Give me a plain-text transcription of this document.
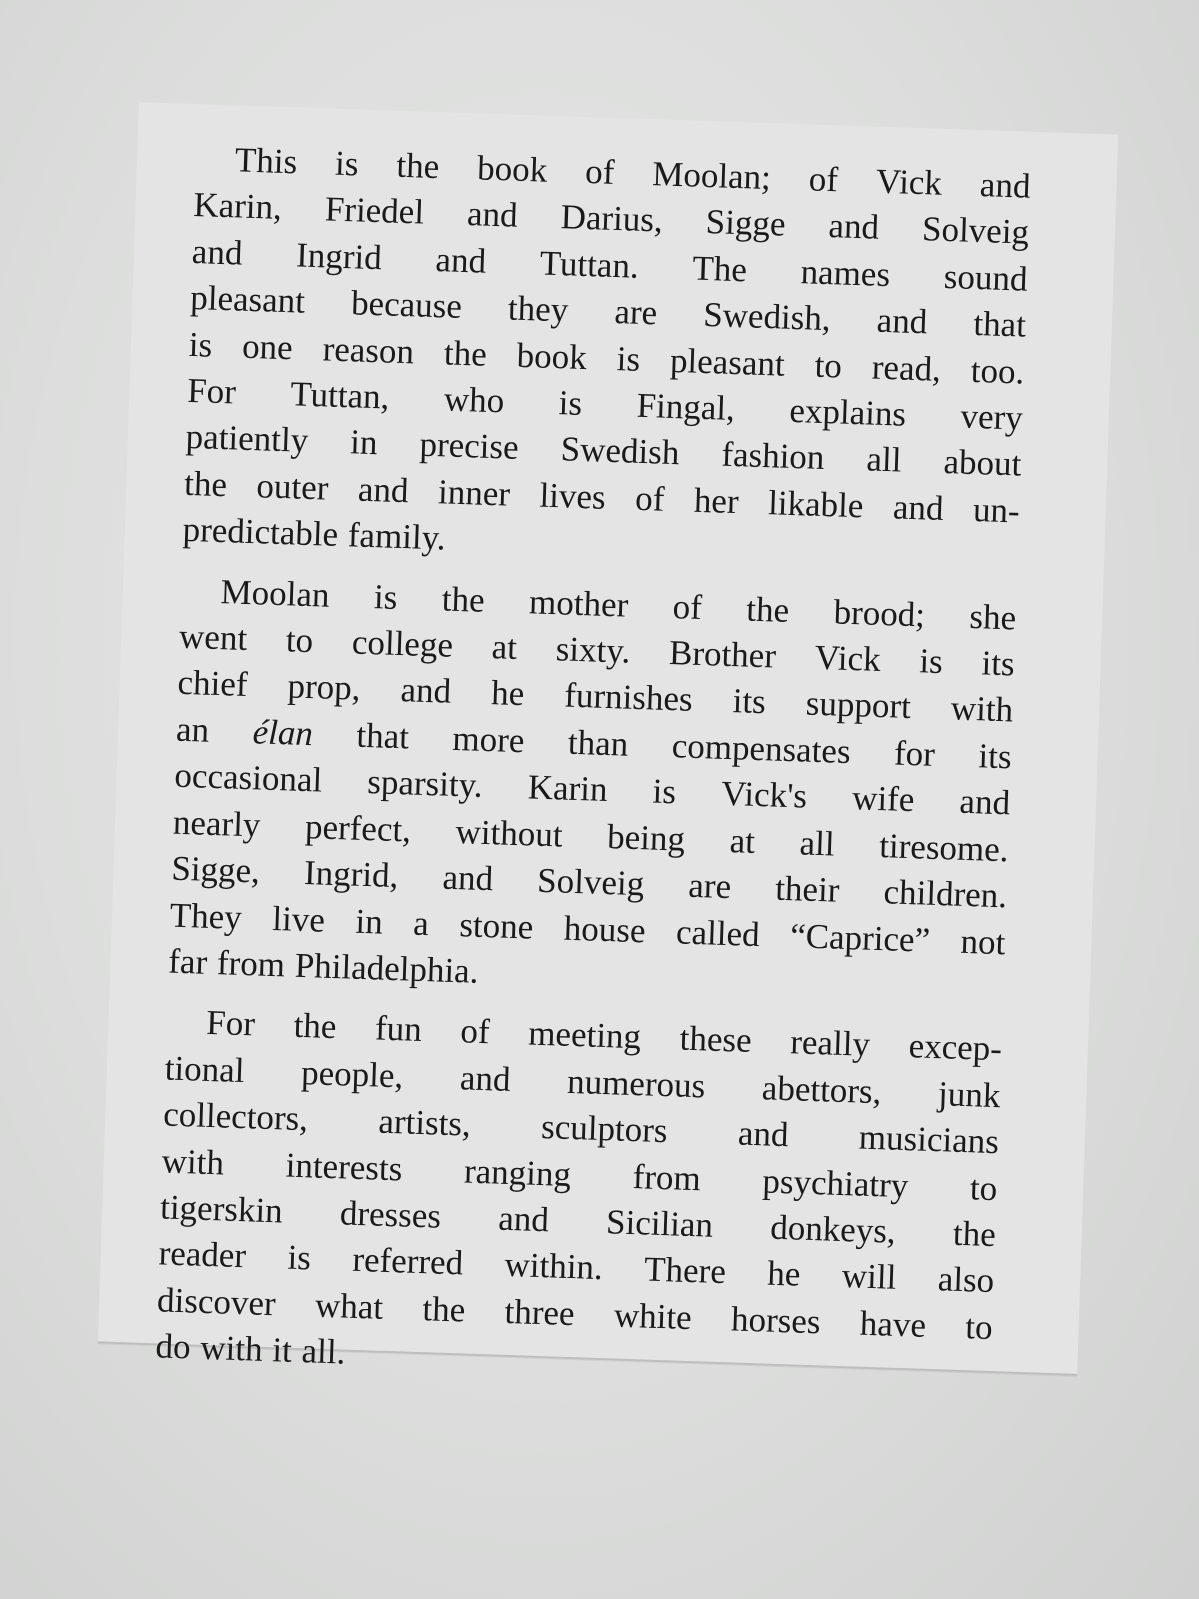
This is the book of Moolan; of Vick and
Karin, Friedel and Darius, Sigge and Solveig
and Ingrid and Tuttan. The names sound
pleasant because they are Swedish, and that
is one reason the book is pleasant to read, too.
For Tuttan, who is Fingal, explains very
patiently in precise Swedish fashion all about
the outer and inner lives of her likable and un-
predictable family.
Moolan is the mother of the brood; she
went to college at sixty. Brother Vick is its
chief prop, and he furnishes its support with
an élan that more than compensates for its
occasional sparsity. Karin is Vick's wife and
nearly perfect, without being at all tiresome.
Sigge, Ingrid, and Solveig are their children.
They live in a stone house called “Caprice” not
far from Philadelphia.
For the fun of meeting these really excep-
tional people, and numerous abettors, junk
collectors, artists, sculptors and musicians
with interests ranging from psychiatry to
tigerskin dresses and Sicilian donkeys, the
reader is referred within. There he will also
discover what the three white horses have to
do with it all.
